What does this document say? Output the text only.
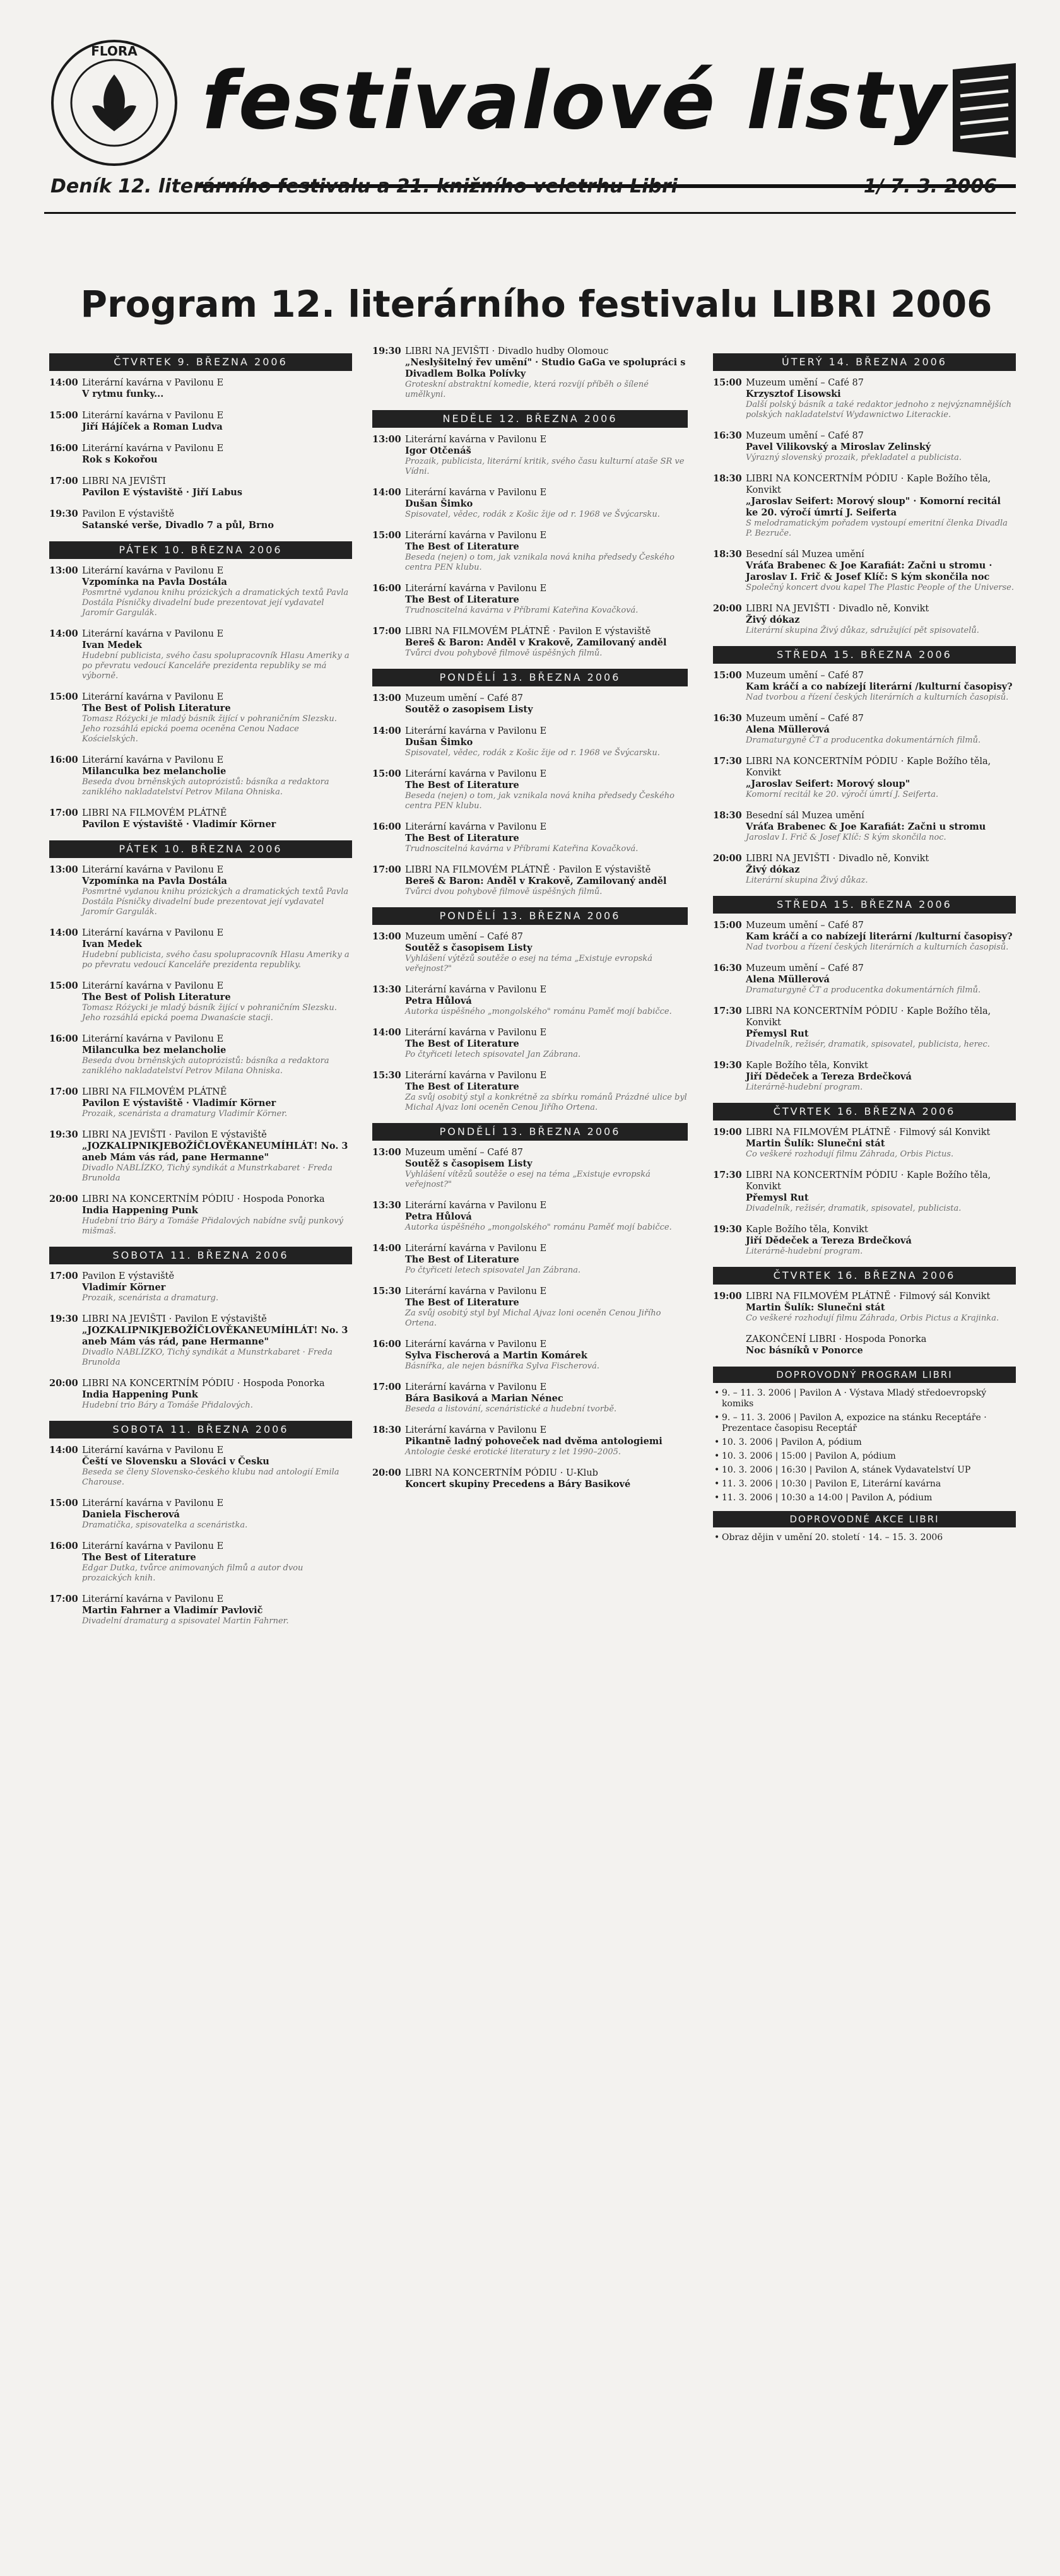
FLORA
festivalové listy
Deník 12. literárního festivalu a 21. knižního veletrhu Libri	1/ 7. 3. 2006
Program 12. literárního festivalu LIBRI 2006
ČTVRTEK 9. BŘEZNA 2006
14:00 Literární kavárna v Pavilonu E
V rytmu funky...
15:00 Literární kavárna v Pavilonu E
Jiří Hájíček a Roman Ludva
16:00 Literární kavárna v Pavilonu E
Rok s Kokořou
17:00 LIBRI NA JEVIŠTI
Pavilon E výstaviště · Jiří Labus
19:30 Pavilon E výstaviště
Satanské verše, Divadlo 7 a půl, Brno
PÁTEK 10. BŘEZNA 2006
13:00 Literární kavárna v Pavilonu E
Vzpomínka na Pavla Dostála
Posmrtně vydanou knihu prózických a dramatických textů Pavla Dostála Písničky divadelní bude prezentovat její vydavatel Jaromír Gargulák.
14:00 Literární kavárna v Pavilonu E
Ivan Medek
Hudební publicista, svého času spolupracovník Hlasu Ameriky a po převratu vedoucí Kanceláře prezidenta republiky se má výborně.
15:00 Literární kavárna v Pavilonu E
The Best of Polish Literature
Tomasz Różycki je mladý básník žijící v pohraničním Slezsku. Jeho rozsáhlá epická poema oceněna Cenou Nadace Kościelských.
16:00 Literární kavárna v Pavilonu E
Milanculka bez melancholie
Beseda dvou brněnských autoprózistů: básníka a redaktora zaniklého nakladatelství Petrov Milana Ohniska.
17:00 LIBRI NA FILMOVÉM PLÁTNĚ
Pavilon E výstaviště · Vladimír Körner
PÁTEK 10. BŘEZNA 2006
13:00 Literární kavárna v Pavilonu E
Vzpomínka na Pavla Dostála
Posmrtně vydanou knihu prózických a dramatických textů Pavla Dostála Písničky divadelní bude prezentovat její vydavatel Jaromír Gargulák.
14:00 Literární kavárna v Pavilonu E
Ivan Medek
Hudební publicista, svého času spolupracovník Hlasu Ameriky a po převratu vedoucí Kanceláře prezidenta republiky.
15:00 Literární kavárna v Pavilonu E
The Best of Polish Literature
Tomasz Różycki je mladý básník žijící v pohraničním Slezsku. Jeho rozsáhlá epická poema Dwanaście stacji.
16:00 Literární kavárna v Pavilonu E
Milanculka bez melancholie
Beseda dvou brněnských autoprózistů: básníka a redaktora zaniklého nakladatelství Petrov Milana Ohniska.
17:00 LIBRI NA FILMOVÉM PLÁTNĚ
Pavilon E výstaviště · Vladimír Körner
Prozaik, scenárista a dramaturg Vladimír Körner.
19:30 LIBRI NA JEVIŠTI · Pavilon E výstaviště
„JOZKALIPNIKJEBOŽÍČLOVĚKANEUMÍHLÁT! No. 3 aneb Mám vás rád, pane Hermanne"
Divadlo NABLÍZKO, Tichý syndikát a Munstrkabaret · Freda Brunolda
20:00 LIBRI NA KONCERTNÍM PÓDIU · Hospoda Ponorka
India Happening Punk
Hudební trio Báry a Tomáše Přidalových nabídne svůj punkový mišmaš.
SOBOTA 11. BŘEZNA 2006
17:00 Pavilon E výstaviště
Vladimír Körner
Prozaik, scenárista a dramaturg.
19:30 LIBRI NA JEVIŠTI · Pavilon E výstaviště
„JOZKALIPNIKJEBOŽÍČLOVĚKANEUMÍHLÁT! No. 3 aneb Mám vás rád, pane Hermanne"
Divadlo NABLÍZKO, Tichý syndikát a Munstrkabaret · Freda Brunolda
20:00 LIBRI NA KONCERTNÍM PÓDIU · Hospoda Ponorka
India Happening Punk
Hudební trio Báry a Tomáše Přidalových.
SOBOTA 11. BŘEZNA 2006
14:00 Literární kavárna v Pavilonu E
Čeští ve Slovensku a Slováci v Česku
Beseda se členy Slovensko-českého klubu nad antologií Emila Charouse.
15:00 Literární kavárna v Pavilonu E
Daniela Fischerová
Dramatička, spisovatelka a scenáristka.
16:00 Literární kavárna v Pavilonu E
The Best of Literature
Edgar Dutka, tvůrce animovaných filmů a autor dvou prozaických knih.
17:00 Literární kavárna v Pavilonu E
Martin Fahrner a Vladimír Pavlovič
Divadelní dramaturg a spisovatel Martin Fahrner.
19:30 LIBRI NA JEVIŠTI · Divadlo hudby Olomouc
„Neslyšitelný řev umění" · Studio GaGa ve spolupráci s Divadlem Bolka Polívky
Groteskní abstraktní komedie, která rozvíjí příběh o šílené umělkyni.
NEDĚLE 12. BŘEZNA 2006
13:00 Literární kavárna v Pavilonu E
Igor Otčenáš
Prozaik, publicista, literární kritik, svého času kulturní ataše SR ve Vídni.
14:00 Literární kavárna v Pavilonu E
Dušan Šimko
Spisovatel, vědec, rodák z Košic žije od r. 1968 ve Švýcarsku.
15:00 Literární kavárna v Pavilonu E
The Best of Literature
Beseda (nejen) o tom, jak vznikala nová kniha předsedy Českého centra PEN klubu.
16:00 Literární kavárna v Pavilonu E
The Best of Literature
Trudnoscitelná kavárna v Příbrami Kateřina Kovačková.
17:00 LIBRI NA FILMOVÉM PLÁTNĚ · Pavilon E výstaviště
Bereš & Baron: Anděl v Krakově, Zamilovaný anděl
Tvůrci dvou pohybově filmově úspěšných filmů.
PONDĚLÍ 13. BŘEZNA 2006
13:00 Muzeum umění – Café 87
Soutěž o zasopisem Listy
14:00 Literární kavárna v Pavilonu E
Dušan Šimko
Spisovatel, vědec, rodák z Košic žije od r. 1968 ve Švýcarsku.
15:00 Literární kavárna v Pavilonu E
The Best of Literature
Beseda (nejen) o tom, jak vznikala nová kniha předsedy Českého centra PEN klubu.
16:00 Literární kavárna v Pavilonu E
The Best of Literature
Trudnoscitelná kavárna v Příbrami Kateřina Kovačková.
17:00 LIBRI NA FILMOVÉM PLÁTNĚ · Pavilon E výstaviště
Bereš & Baron: Anděl v Krakově, Zamilovaný anděl
Tvůrci dvou pohybově filmově úspěšných filmů.
PONDĚLÍ 13. BŘEZNA 2006
13:00 Muzeum umění – Café 87
Soutěž s časopisem Listy
Vyhlášení výtězů soutěže o esej na téma „Existuje evropská veřejnost?"
13:30 Literární kavárna v Pavilonu E
Petra Hůlová
Autorka úspěšného „mongolského" románu Paměť mojí babičce.
14:00 Literární kavárna v Pavilonu E
The Best of Literature
Po čtyřiceti letech spisovatel Jan Zábrana.
15:30 Literární kavárna v Pavilonu E
The Best of Literature
Za svůj osobitý styl a konkrétně za sbírku románů Prázdné ulice byl Michal Ajvaz loni oceněn Cenou Jiřího Ortena.
PONDĚLÍ 13. BŘEZNA 2006
13:00 Muzeum umění – Café 87
Soutěž s časopisem Listy
Vyhlášení vítězů soutěže o esej na téma „Existuje evropská veřejnost?"
13:30 Literární kavárna v Pavilonu E
Petra Hůlová
Autorka úspěšného „mongolského" románu Paměť mojí babičce.
14:00 Literární kavárna v Pavilonu E
The Best of Literature
Po čtyřiceti letech spisovatel Jan Zábrana.
15:30 Literární kavárna v Pavilonu E
The Best of Literature
Za svůj osobitý styl byl Michal Ajvaz loni oceněn Cenou Jiřího Ortena.
16:00 Literární kavárna v Pavilonu E
Sylva Fischerová a Martin Komárek
Básnířka, ale nejen básnířka Sylva Fischerová.
17:00 Literární kavárna v Pavilonu E
Bára Basiková a Marian Nénec
Beseda a listování, scenáristické a hudební tvorbě.
18:30 Literární kavárna v Pavilonu E
Pikantně ladný pohoveček nad dvěma antologiemi
Antologie české erotické literatury z let 1990–2005.
20:00 LIBRI NA KONCERTNÍM PÓDIU · U-Klub
Koncert skupiny Precedens a Báry Basikové
ÚTERÝ 14. BŘEZNA 2006
15:00 Muzeum umění – Café 87
Krzysztof Lisowski
Další polský básník a také redaktor jednoho z nejvýznamnějších polských nakladatelství Wydawnictwo Literackie.
16:30 Muzeum umění – Café 87
Pavel Vilikovský a Miroslav Zelinský
Výrazný slovenský prozaik, překladatel a publicista.
18:30 LIBRI NA KONCERTNÍM PÓDIU · Kaple Božího těla, Konvikt
„Jaroslav Seifert: Morový sloup" · Komorní recitál ke 20. výročí úmrtí J. Seiferta
S melodramatickým pořadem vystoupí emeritní členka Divadla P. Bezruče.
18:30 Besední sál Muzea umění
Vráťa Brabenec & Joe Karafiát: Začni u stromu · Jaroslav I. Frič & Josef Klíč: S kým skončila noc
Společný koncert dvou kapel The Plastic People of the Universe.
20:00 LIBRI NA JEVIŠTI · Divadlo ně, Konvikt
Živý dókaz
Literární skupina Živý důkaz, sdružující pět spisovatelů.
STŘEDA 15. BŘEZNA 2006
15:00 Muzeum umění – Café 87
Kam kráčí a co nabízejí literární /kulturní časopisy?
Nad tvorbou a řízení českých literárních a kulturních časopisů.
16:30 Muzeum umění – Café 87
Alena Müllerová
Dramaturgyně ČT a producentka dokumentárních filmů.
17:30 LIBRI NA KONCERTNÍM PÓDIU · Kaple Božího těla, Konvikt
„Jaroslav Seifert: Morový sloup"
Komorní recitál ke 20. výročí úmrtí J. Seiferta.
18:30 Besední sál Muzea umění
Vráťa Brabenec & Joe Karafiát: Začni u stromu
Jaroslav I. Frič & Josef Klíč: S kým skončila noc.
20:00 LIBRI NA JEVIŠTI · Divadlo ně, Konvikt
Živý dókaz
Literární skupina Živý důkaz.
STŘEDA 15. BŘEZNA 2006
15:00 Muzeum umění – Café 87
Kam kráčí a co nabízejí literární /kulturní časopisy?
Nad tvorbou a řízení českých literárních a kulturních časopisů.
16:30 Muzeum umění – Café 87
Alena Müllerová
Dramaturgyně ČT a producentka dokumentárních filmů.
17:30 LIBRI NA KONCERTNÍM PÓDIU · Kaple Božího těla, Konvikt
Přemysl Rut
Divadelník, režisér, dramatik, spisovatel, publicista, herec.
19:30 Kaple Božího těla, Konvikt
Jiří Dědeček a Tereza Brdečková
Literárně-hudební program.
ČTVRTEK 16. BŘEZNA 2006
19:00 LIBRI NA FILMOVÉM PLÁTNĚ · Filmový sál Konvikt
Martin Šulík: Slunečni stát
Co veškeré rozhodují filmu Záhrada, Orbis Pictus.
17:30 LIBRI NA KONCERTNÍM PÓDIU · Kaple Božího těla, Konvikt
Přemysl Rut
Divadelník, režisér, dramatik, spisovatel, publicista.
19:30 Kaple Božího těla, Konvikt
Jiří Dědeček a Tereza Brdečková
Literárně-hudební program.
ČTVRTEK 16. BŘEZNA 2006
19:00 LIBRI NA FILMOVÉM PLÁTNĚ · Filmový sál Konvikt
Martin Šulík: Slunečni stát
Co veškeré rozhodují filmu Záhrada, Orbis Pictus a Krajinka.
ZAKONČENÍ LIBRI · Hospoda Ponorka
Noc básníků v Ponorce
DOPROVODNÝ PROGRAM LIBRI
• 9. – 11. 3. 2006 | Pavilon A · Výstava Mladý středoevropský komiks
• 9. – 11. 3. 2006 | Pavilon A, expozice na stánku Receptáře · Prezentace časopisu Receptář
• 10. 3. 2006 | Pavilon A, pódium
• 10. 3. 2006 | 15:00 | Pavilon A, pódium
• 10. 3. 2006 | 16:30 | Pavilon A, stánek Vydavatelství UP
• 11. 3. 2006 | 10:30 | Pavilon E, Literární kavárna
• 11. 3. 2006 | 10:30 a 14:00 | Pavilon A, pódium
DOPROVODNÉ AKCE LIBRI
• Obraz dějin v umění 20. století · 14. – 15. 3. 2006
